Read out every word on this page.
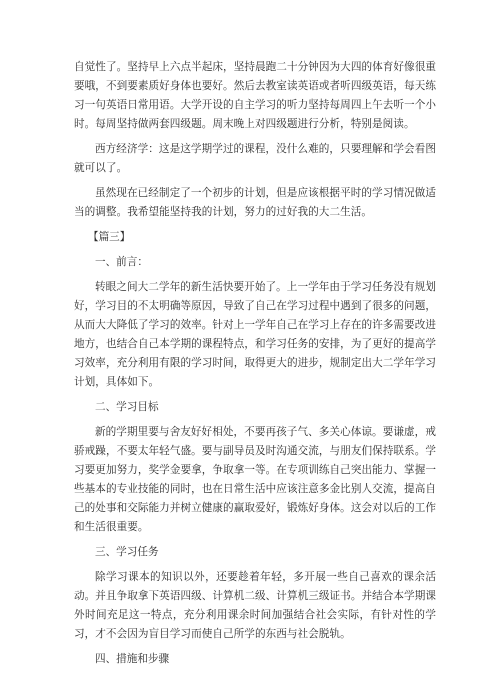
自觉性了。坚持早上六点半起床，坚持晨跑二十分钟因为大四的体育好像很重要哦，不到要素质好身体也要好。然后去教室读英语或者听四级英语，每天练习一句英语日常用语。大学开设的自主学习的听力坚持每周四上午去听一个小时。每周坚持做两套四级题。周末晚上对四级题进行分析，特别是阅读。

西方经济学：这是这学期学过的课程，没什么难的，只要理解和学会看图就可以了。

虽然现在已经制定了一个初步的计划，但是应该根据平时的学习情况做适当的调整。我希望能坚持我的计划，努力的过好我的大二生活。

【篇三】

一、前言：

转眼之间大二学年的新生活快要开始了。上一学年由于学习任务没有规划好，学习目的不太明确等原因，导致了自己在学习过程中遇到了很多的问题，从而大大降低了学习的效率。针对上一学年自己在学习上存在的许多需要改进地方，也结合自己本学期的课程特点，和学习任务的安排，为了更好的提高学习效率，充分利用有限的学习时间，取得更大的进步，规制定出大二学年学习计划，具体如下。

二、学习目标

新的学期里要与舍友好好相处，不要再孩子气、多关心体谅。要谦虚，戒骄戒躁，不要太年轻气盛。要与副导员及时沟通交流，与朋友们保持联系。学习要更加努力，奖学金要拿，争取拿一等。在专项训练自己突出能力、掌握一些基本的专业技能的同时，也在日常生活中应该注意多金比别人交流，提高自己的处事和交际能力并树立健康的赢取爱好，锻炼好身体。这会对以后的工作和生活很重要。

三、学习任务

除学习课本的知识以外，还要趁着年轻，多开展一些自己喜欢的课余活动。并且争取拿下英语四级、计算机二级、计算机三级证书。并结合本学期课外时间充足这一特点，充分利用课余时间加强结合社会实际，有针对性的学习，才不会因为盲目学习而使自己所学的东西与社会脱轨。

四、措施和步骤
